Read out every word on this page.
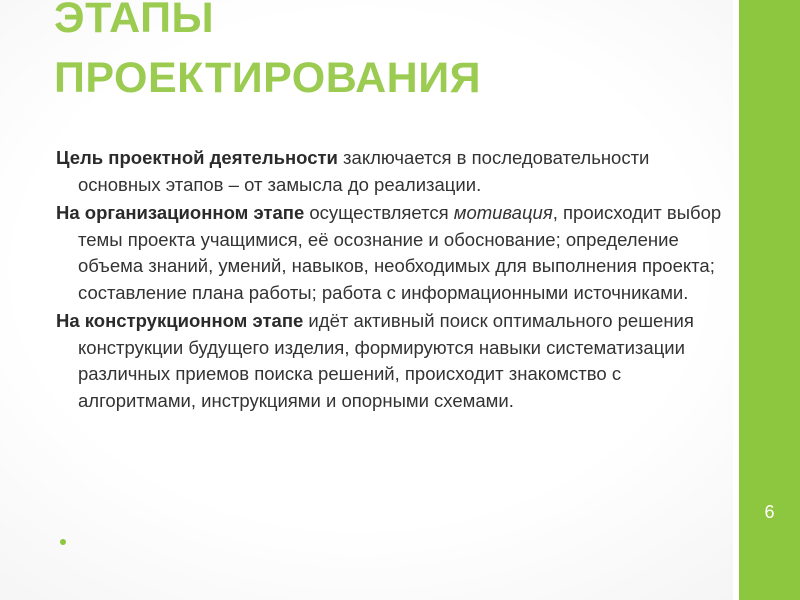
6
ЭТАПЫ
ПРОЕКТИРОВАНИЯ

Цель проектной деятельности заключается в последовательности основных этапов – от замысла до реализации.

На организационном этапе осуществляется мотивация, происходит выбор темы проекта учащимися, её осознание и обоснование; определение объема знаний, умений, навыков, необходимых для выполнения проекта; составление плана работы; работа с информационными источниками.

На конструкционном этапе идёт активный поиск оптимального решения конструкции будущего изделия, формируются навыки систематизации различных приемов поиска решений, происходит знакомство с алгоритмами, инструкциями и опорными схемами.
